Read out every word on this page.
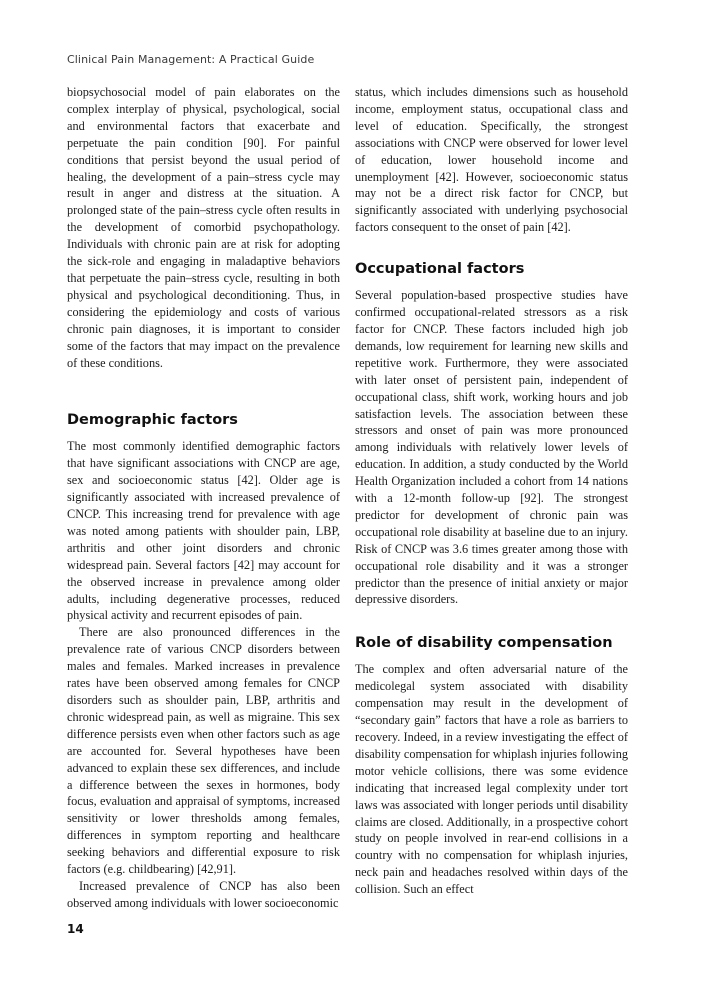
Clinical Pain Management: A Practical Guide

biopsychosocial model of pain elaborates on the complex interplay of physical, psychological, social and environmental factors that exacerbate and perpetuate the pain condition [90]. For painful conditions that persist beyond the usual period of healing, the development of a pain–stress cycle may result in anger and distress at the situation. A prolonged state of the pain–stress cycle often results in the development of comorbid psychopathology. Individuals with chronic pain are at risk for adopting the sick-role and engaging in maladaptive behaviors that perpetuate the pain–stress cycle, resulting in both physical and psychological deconditioning. Thus, in considering the epidemiology and costs of various chronic pain diagnoses, it is important to consider some of the factors that may impact on the prevalence of these conditions.

Demographic factors

The most commonly identified demographic factors that have significant associations with CNCP are age, sex and socioeconomic status [42]. Older age is significantly associated with increased prevalence of CNCP. This increasing trend for prevalence with age was noted among patients with shoulder pain, LBP, arthritis and other joint disorders and chronic widespread pain. Several factors [42] may account for the observed increase in prevalence among older adults, including degenerative processes, reduced physical activity and recurrent episodes of pain.

There are also pronounced differences in the prevalence rate of various CNCP disorders between males and females. Marked increases in prevalence rates have been observed among females for CNCP disorders such as shoulder pain, LBP, arthritis and chronic widespread pain, as well as migraine. This sex difference persists even when other factors such as age are accounted for. Several hypotheses have been advanced to explain these sex differences, and include a difference between the sexes in hormones, body focus, evaluation and appraisal of symptoms, increased sensitivity or lower thresholds among females, differences in symptom reporting and healthcare seeking behaviors and differential exposure to risk factors (e.g. childbearing) [42,91].

Increased prevalence of CNCP has also been observed among individuals with lower socioeconomic

status, which includes dimensions such as household income, employment status, occupational class and level of education. Specifically, the strongest associations with CNCP were observed for lower level of education, lower household income and unemployment [42]. However, socioeconomic status may not be a direct risk factor for CNCP, but significantly associated with underlying psychosocial factors consequent to the onset of pain [42].

Occupational factors

Several population-based prospective studies have confirmed occupational-related stressors as a risk factor for CNCP. These factors included high job demands, low requirement for learning new skills and repetitive work. Furthermore, they were associated with later onset of persistent pain, independent of occupational class, shift work, working hours and job satisfaction levels. The association between these stressors and onset of pain was more pronounced among individuals with relatively lower levels of education. In addition, a study conducted by the World Health Organization included a cohort from 14 nations with a 12-month follow-up [92]. The strongest predictor for development of chronic pain was occupational role disability at baseline due to an injury. Risk of CNCP was 3.6 times greater among those with occupational role disability and it was a stronger predictor than the presence of initial anxiety or major depressive disorders.

Role of disability compensation

The complex and often adversarial nature of the medicolegal system associated with disability compensation may result in the development of “secondary gain” factors that have a role as barriers to recovery. Indeed, in a review investigating the effect of disability compensation for whiplash injuries following motor vehicle collisions, there was some evidence indicating that increased legal complexity under tort laws was associated with longer periods until disability claims are closed. Additionally, in a prospective cohort study on people involved in rear-end collisions in a country with no compensation for whiplash injuries, neck pain and headaches resolved within days of the collision. Such an effect

14
